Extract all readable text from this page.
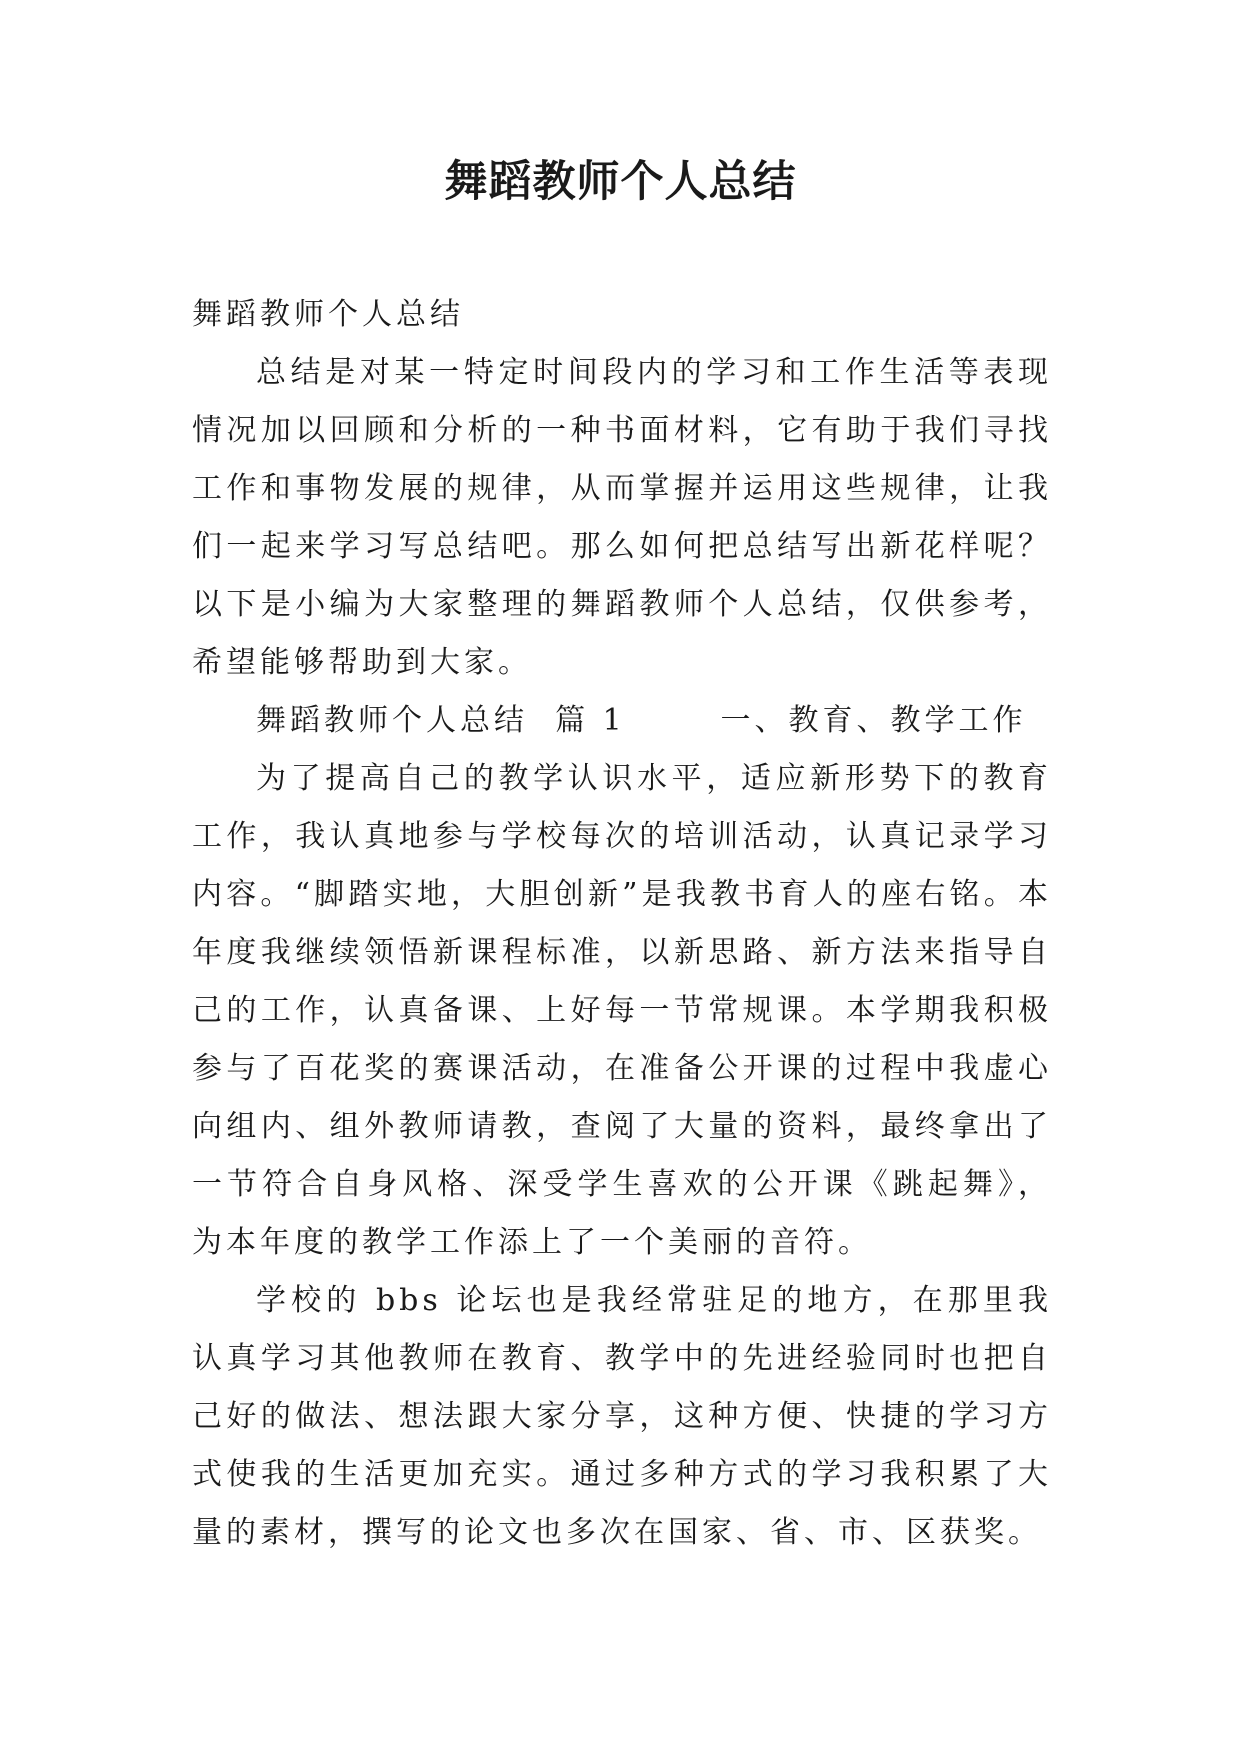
舞蹈教师个人总结

舞蹈教师个人总结

总结是对某一特定时间段内的学习和工作生活等表现情况加以回顾和分析的一种书面材料，它有助于我们寻找工作和事物发展的规律，从而掌握并运用这些规律，让我们一起来学习写总结吧。那么如何把总结写出新花样呢？以下是小编为大家整理的舞蹈教师个人总结，仅供参考，希望能够帮助到大家。

舞蹈教师个人总结  篇 1       一、教育、教学工作

为了提高自己的教学认识水平，适应新形势下的教育工作，我认真地参与学校每次的培训活动，认真记录学习内容。“脚踏实地，大胆创新”是我教书育人的座右铭。本年度我继续领悟新课程标准，以新思路、新方法来指导自己的工作，认真备课、上好每一节常规课。本学期我积极参与了百花奖的赛课活动，在准备公开课的过程中我虚心向组内、组外教师请教，查阅了大量的资料，最终拿出了一节符合自身风格、深受学生喜欢的公开课《跳起舞》，为本年度的教学工作添上了一个美丽的音符。

学校的 bbs 论坛也是我经常驻足的地方，在那里我认真学习其他教师在教育、教学中的先进经验同时也把自己好的做法、想法跟大家分享，这种方便、快捷的学习方式使我的生活更加充实。通过多种方式的学习我积累了大量的素材，撰写的论文也多次在国家、省、市、区获奖。
